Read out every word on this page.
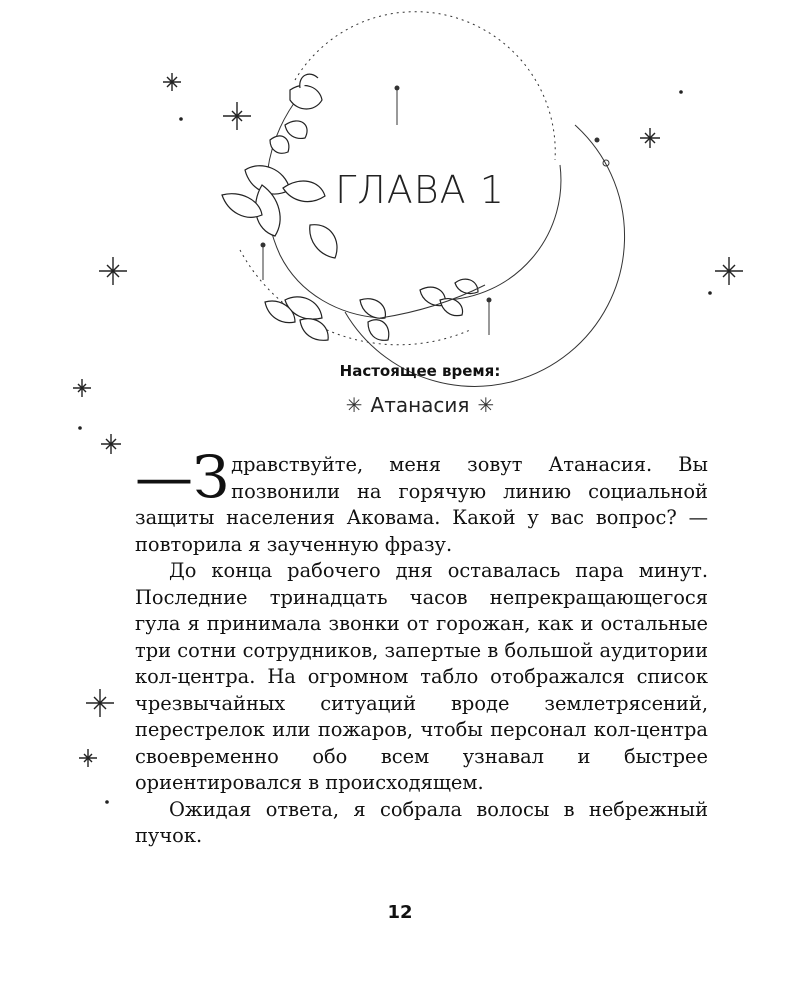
ГЛАВА 1
Настоящее время:
✳ Атанасия ✳

—З дравствуйте, меня зовут Атанасия. Вы позвонили на горячую линию социальной защиты населения Аковама. Какой у вас вопрос? — повторила я заученную фразу.

До конца рабочего дня оставалась пара минут. Последние тринадцать часов непрекращающегося гула я принимала звонки от горожан, как и остальные три сотни сотрудников, запертые в большой аудитории кол-центра. На огромном табло отображался список чрезвычайных ситуаций вроде землетрясений, перестрелок или пожаров, чтобы персонал кол-центра своевременно обо всем узнавал и быстрее ориентировался в происходящем.

Ожидая ответа, я собрала волосы в небрежный пучок.

12
